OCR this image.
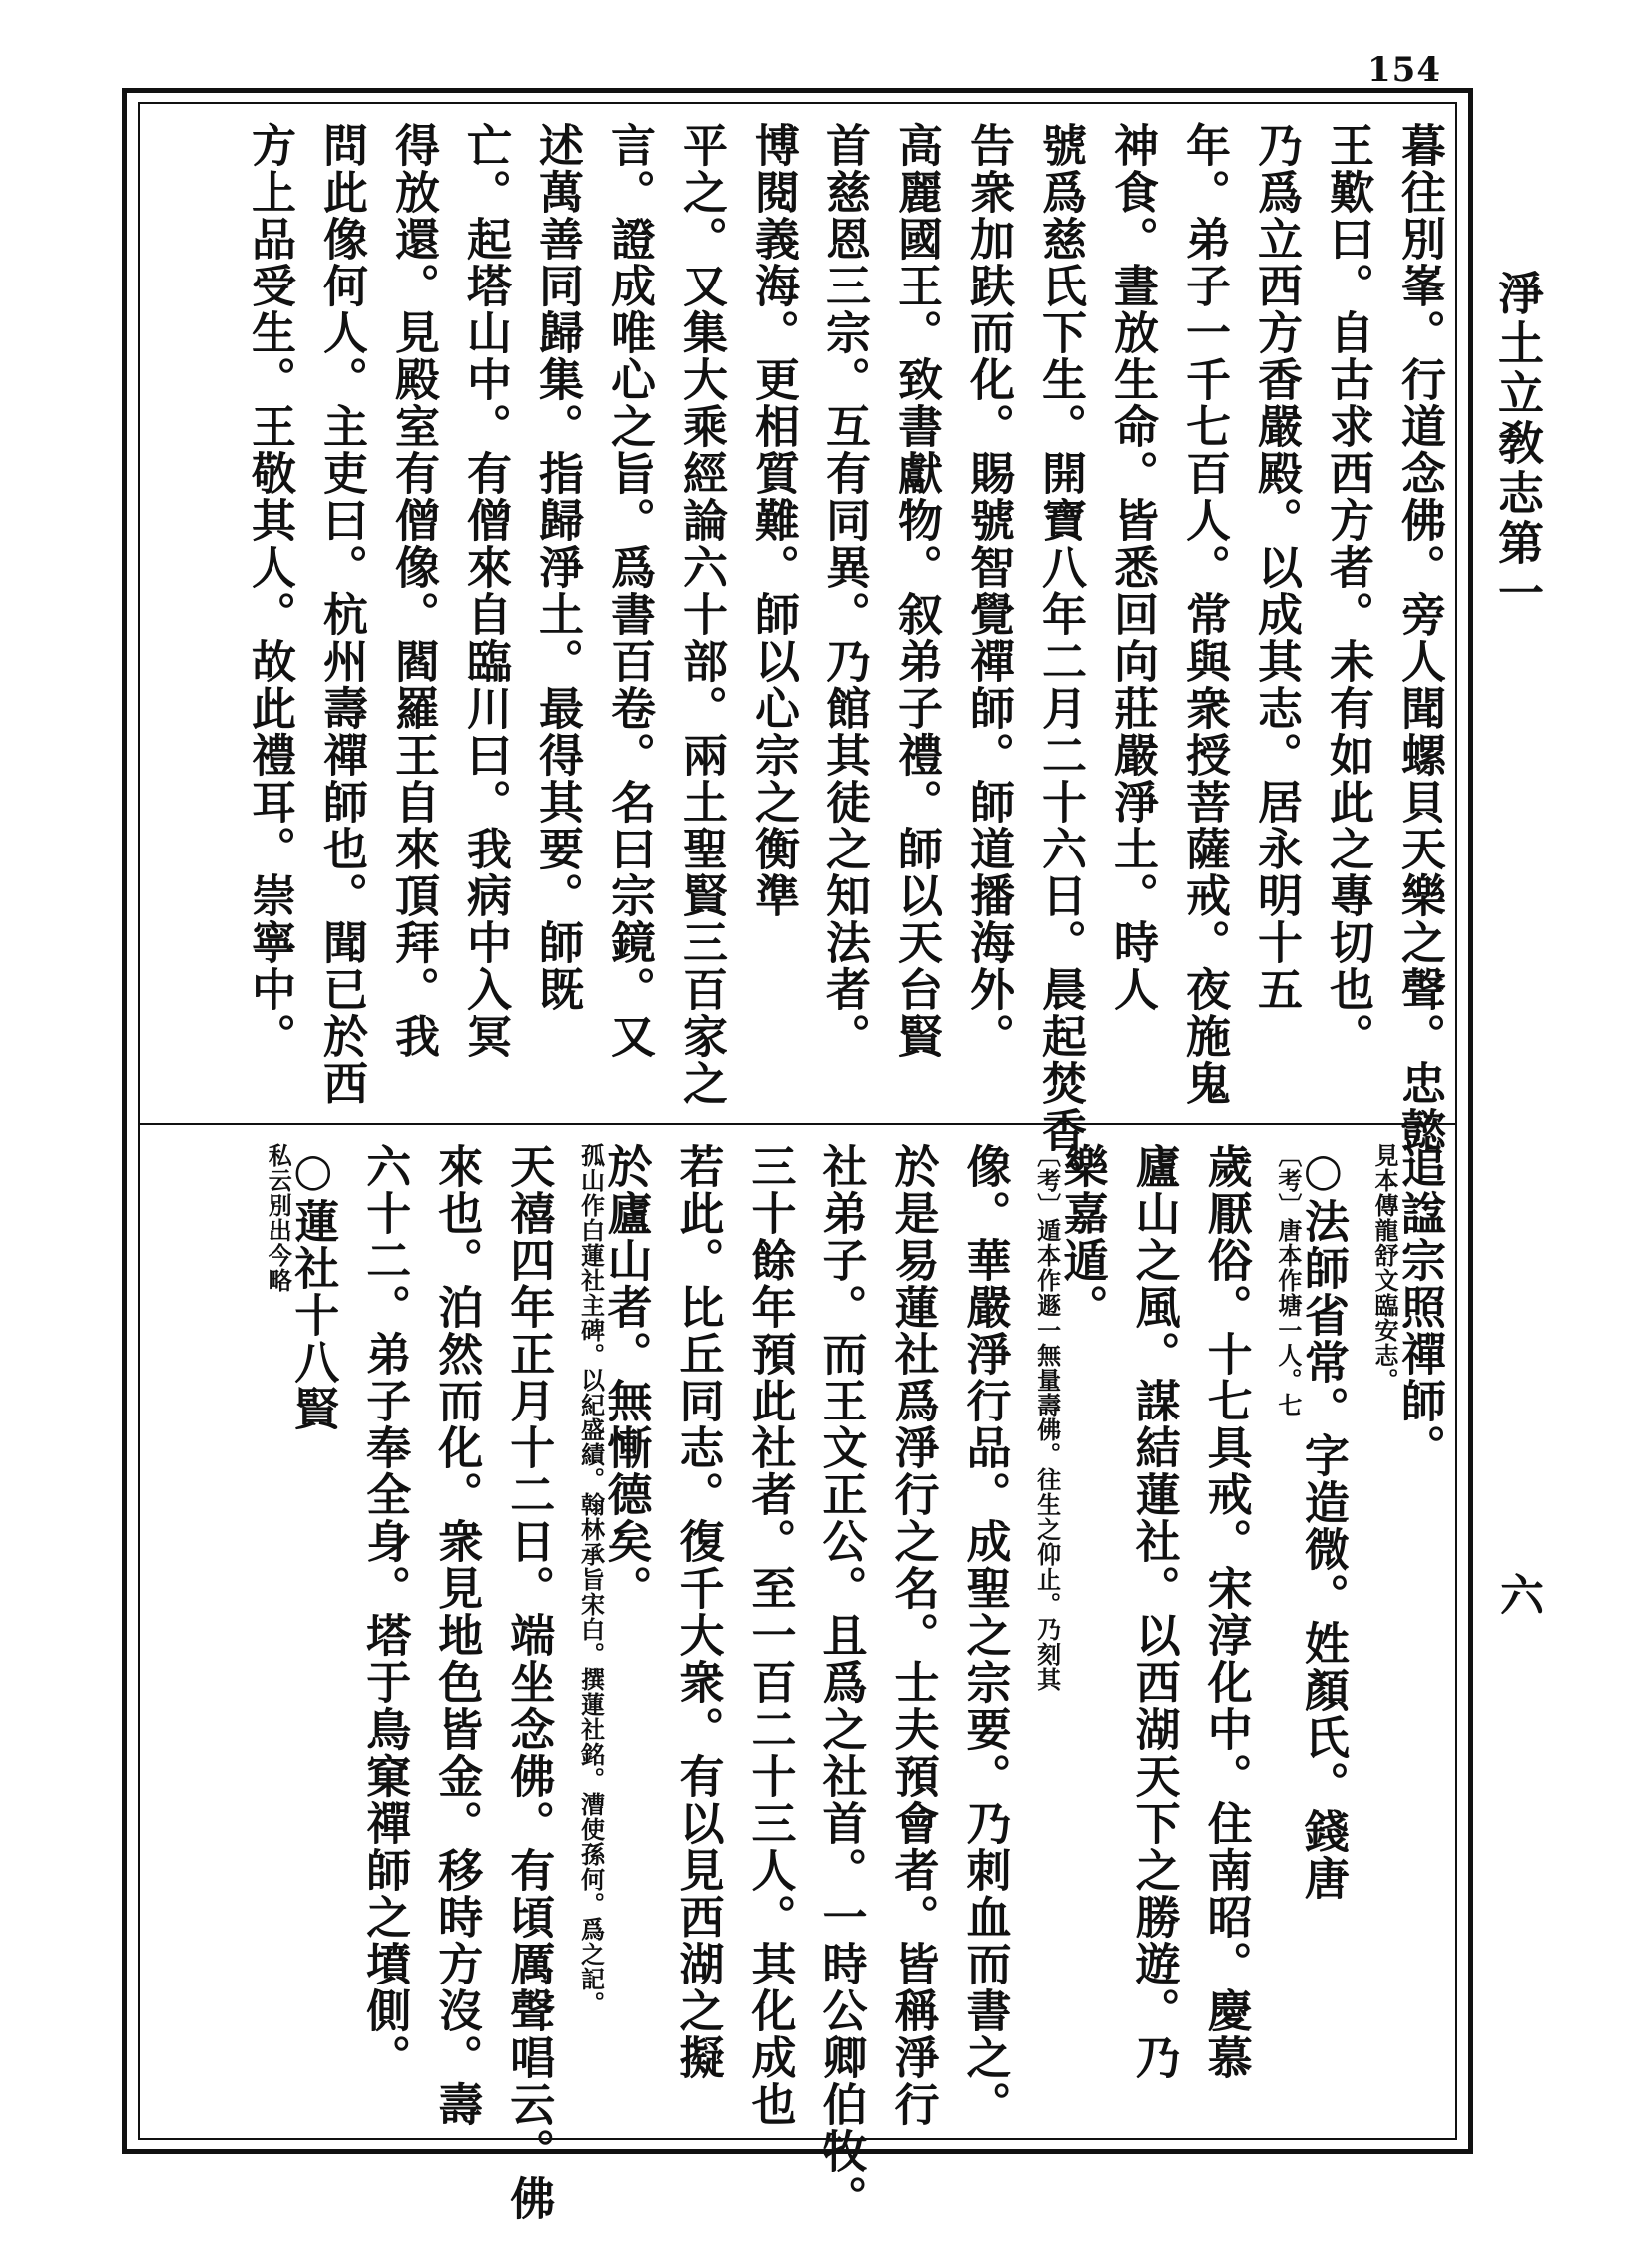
154
淨土立敎志第一
六
暮往別峯。行道念佛。旁人聞螺貝天樂之聲。忠懿
王歎曰。自古求西方者。未有如此之專切也。
乃爲立西方香嚴殿。以成其志。居永明十五
年。弟子一千七百人。常與衆授菩薩戒。夜施鬼
神食。晝放生命。皆悉回向莊嚴淨土。時人
號爲慈氏下生。開寶八年二月二十六日。晨起焚香。
告衆加趺而化。賜號智覺禪師。師道播海外。
高麗國王。致書獻物。叙弟子禮。師以天台賢
首慈恩三宗。互有同異。乃館其徒之知法者。
博閱義海。更相質難。師以心宗之衡準
平之。又集大乘經論六十部。兩土聖賢三百家之
言。證成唯心之旨。爲書百卷。名曰宗鏡。又
述萬善同歸集。指歸淨土。最得其要。師既
亡。起塔山中。有僧來自臨川曰。我病中入冥
得放還。見殿室有僧像。閻羅王自來頂拜。我
問此像何人。主吏曰。杭州壽禪師也。聞已於西
方上品受生。王敬其人。故此禮耳。崇寧中。
追諡宗照禪師。
見本傳龍舒文臨安志。
○法師省常。字造微。姓顏氏。錢唐
〔考〕唐本作塘一人。七
歲厭俗。十七具戒。宋淳化中。住南昭。慶慕
廬山之風。謀結蓮社。以西湖天下之勝遊。乃
樂嘉遁。
〔考〕遁本作遯一無量壽佛。往生之仰止。乃刻其
像。華嚴淨行品。成聖之宗要。乃刺血而書之。
於是易蓮社爲淨行之名。士夫預會者。皆稱淨行
社弟子。而王文正公。且爲之社首。一時公卿伯牧。
三十餘年預此社者。至一百二十三人。其化成也
若此。比丘同志。復千大衆。有以見西湖之擬
於廬山者。無慚德矣。
孤山作白蓮社主碑。以紀盛績。翰林承旨宋白。撰蓮社銘。漕使孫何。爲之記。
天禧四年正月十二日。端坐念佛。有頃厲聲唱云。佛
來也。泊然而化。衆見地色皆金。移時方沒。壽
六十二。弟子奉全身。塔于鳥窠禪師之墳側。
○蓮社十八賢
私云別出今略
